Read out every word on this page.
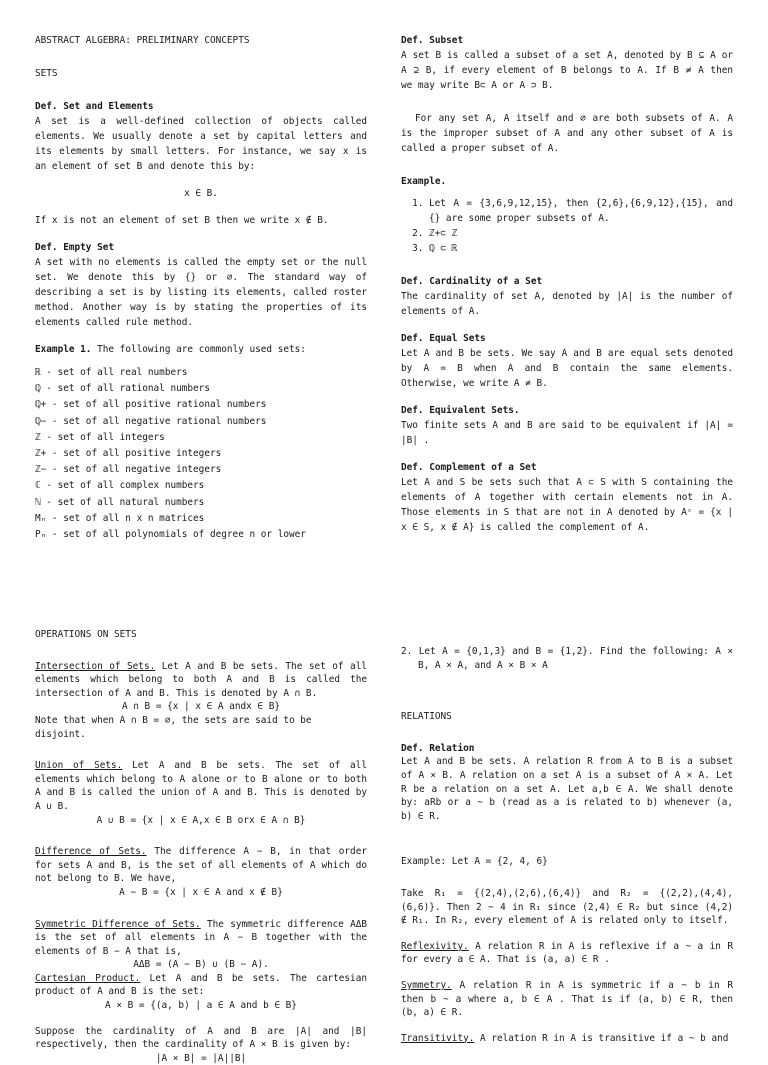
ABSTRACT ALGEBRA: PRELIMINARY CONCEPTS

SETS

Def. Set and Elements

A set is a well-defined collection of objects called elements. We usually denote a set by capital letters and its elements by small letters. For instance, we say x is an element of set B and denote this by:

x ∈ B.

If x is not an element of set B then we write x ∉ B.

Def. Empty Set

A set with no elements is called the empty set or the null set. We denote this by {} or ∅. The standard way of describing a set is by listing its elements, called roster method. Another way is by stating the properties of its elements called rule method.

Example 1. The following are commonly used sets:

ℝ - set of all real numbers
ℚ - set of all rational numbers
ℚ+ - set of all positive rational numbers
ℚ− - set of all negative rational numbers
ℤ - set of all integers
ℤ+ - set of all positive integers
ℤ− - set of all negative integers
ℂ - set of all complex numbers
ℕ - set of all natural numbers
Mₙ - set of all n x n matrices
Pₙ - set of all polynomials of degree n or lower

Def. Subset

A set B is called a subset of a set A, denoted by B ⊆ A or A ⊇ B, if every element of B belongs to A. If B ≠ A then we may write B⊂ A or A ⊃ B.

For any set A, A itself and ∅ are both subsets of A. A is the improper subset of A and any other subset of A is called a proper subset of A.

Example.

1. Let A = {3,6,9,12,15}, then {2,6},{6,9,12},{15}, and {} are some proper subsets of A.
2. ℤ+⊂ ℤ
3. ℚ ⊂ ℝ

Def. Cardinality of a Set

The cardinality of set A, denoted by |A| is the number of elements of A.

Def. Equal Sets

Let A and B be sets. We say A and B are equal sets denoted by A = B when A and B contain the same elements. Otherwise, we write A ≠ B.

Def. Equivalent Sets.

Two finite sets A and B are said to be equivalent if |A| = |B| .

Def. Complement of a Set

Let A and S be sets such that A ⊂ S with S containing the elements of A together with certain elements not in A. Those elements in S that are not in A denoted by Aᶜ = {x | x ∈ S, x ∉ A} is called the complement of A.

OPERATIONS ON SETS

Intersection of Sets. Let A and B be sets. The set of all elements which belong to both A and B is called the intersection of A and B. This is denoted by A ∩ B.

A ∩ B = {x | x ∈ A andx ∈ B}

Note that when A ∩ B = ∅, the sets are said to be disjoint.

Union of Sets. Let A and B be sets. The set of all elements which belong to A alone or to B alone or to both A and B is called the union of A and B. This is denoted by A ∪ B.

A ∪ B = {x | x ∈ A,x ∈ B orx ∈ A ∩ B}

Difference of Sets. The difference A − B, in that order for sets A and B, is the set of all elements of A which do not belong to B. We have,

A − B = {x | x ∈ A and x ∉ B}

Symmetric Difference of Sets. The symmetric difference AΔB is the set of all elements in A − B together with the elements of B − A that is,

AΔB = (A − B) ∪ (B − A).

Cartesian Product. Let A and B be sets. The cartesian product of A and B is the set:

A × B = {(a, b) | a ∈ A and b ∈ B}

Suppose the cardinality of A and B are |A| and |B| respectively, then the cardinality of A × B is given by:

|A × B| = |A||B|

2. Let A = {0,1,3} and B = {1,2}. Find the following: A × B, A × A, and A × B × A

RELATIONS

Def. Relation

Let A and B be sets. A relation R from A to B is a subset of A × B. A relation on a set A is a subset of A × A. Let R be a relation on a set A. Let a,b ∈ A. We shall denote by: aRb or a ~ b (read as a is related to b) whenever (a, b) ∈ R.

Example: Let A = {2, 4, 6}

Take R₁ = {(2,4),(2,6),(6,4)} and R₂ = {(2,2),(4,4),(6,6)}. Then 2 ~ 4 in R₁ since (2,4) ∈ R₂ but since (4,2) ∉ R₁. In R₂, every element of A is related only to itself.

Reflexivity. A relation R in A is reflexive if a ~ a in R for every a ∈ A. That is (a, a) ∈ R .

Symmetry. A relation R in A is symmetric if a ~ b in R then b ~ a where a, b ∈ A . That is if (a, b) ∈ R, then (b, a) ∈ R.

Transitivity. A relation R in A is transitive if a ~ b and
